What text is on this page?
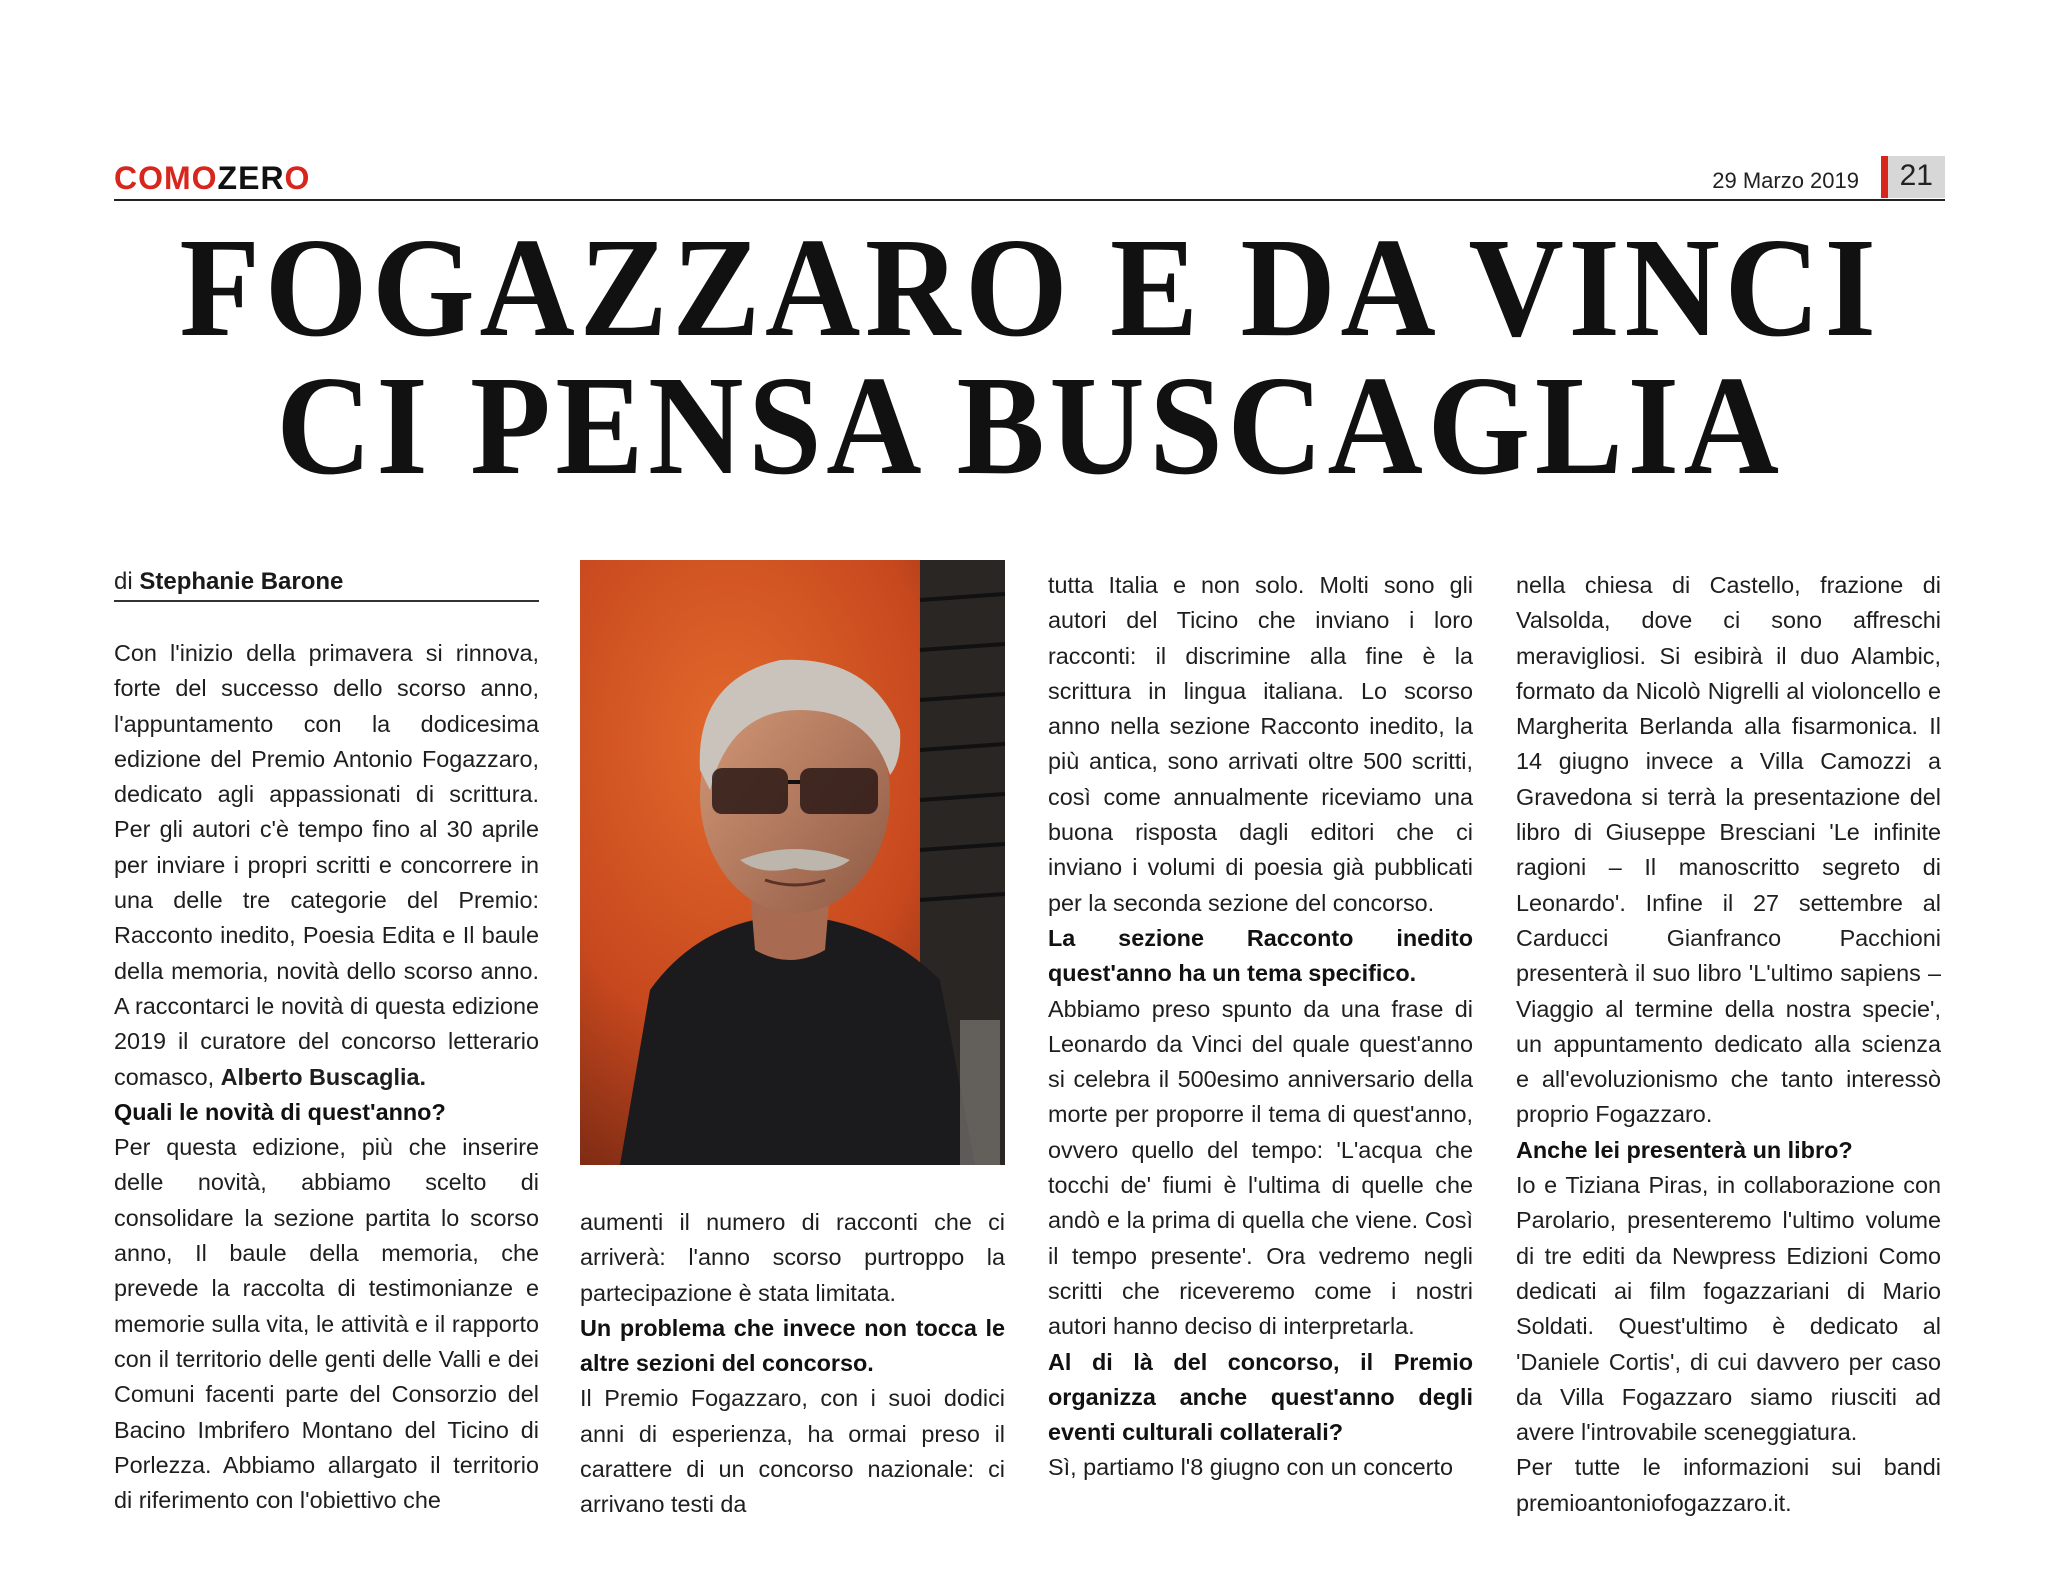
COMOZERO	29 Marzo 2019 21
FOGAZZARO E DA VINCI
CI PENSA BUSCAGLIA
di Stephanie Barone

Con l'inizio della primavera si rinnova, forte del successo dello scorso anno, l'appuntamento con la dodicesima edizione del Premio Antonio Fogazzaro, dedicato agli appassionati di scrittura. Per gli autori c'è tempo fino al 30 aprile per inviare i propri scritti e concorrere in una delle tre categorie del Premio: Racconto inedito, Poesia Edita e Il baule della memoria, novità dello scorso anno. A raccontarci le novità di questa edizione 2019 il curatore del concorso letterario comasco, Alberto Buscaglia.

Quali le novità di quest'anno?

Per questa edizione, più che inserire delle novità, abbiamo scelto di consolidare la sezione partita lo scorso anno, Il baule della memoria, che prevede la raccolta di testimonianze e memorie sulla vita, le attività e il rapporto con il territorio delle genti delle Valli e dei Comuni facenti parte del Consorzio del Bacino Imbrifero Montano del Ticino di Porlezza. Abbiamo allargato il territorio di riferimento con l'obiettivo che

aumenti il numero di racconti che ci arriverà: l'anno scorso purtroppo la partecipazione è stata limitata.

Un problema che invece non tocca le altre sezioni del concorso.

Il Premio Fogazzaro, con i suoi dodici anni di esperienza, ha ormai preso il carattere di un concorso nazionale: ci arrivano testi da

tutta Italia e non solo. Molti sono gli autori del Ticino che inviano i loro racconti: il discrimine alla fine è la scrittura in lingua italiana. Lo scorso anno nella sezione Racconto inedito, la più antica, sono arrivati oltre 500 scritti, così come annualmente riceviamo una buona risposta dagli editori che ci inviano i volumi di poesia già pubblicati per la seconda sezione del concorso.

La sezione Racconto inedito quest'anno ha un tema specifico.

Abbiamo preso spunto da una frase di Leonardo da Vinci del quale quest'anno si celebra il 500esimo anniversario della morte per proporre il tema di quest'anno, ovvero quello del tempo: 'L'acqua che tocchi de' fiumi è l'ultima di quelle che andò e la prima di quella che viene. Così il tempo presente'. Ora vedremo negli scritti che riceveremo come i nostri autori hanno deciso di interpretarla.

Al di là del concorso, il Premio organizza anche quest'anno degli eventi culturali collaterali?

Sì, partiamo l'8 giugno con un concerto

nella chiesa di Castello, frazione di Valsolda, dove ci sono affreschi meravigliosi. Si esibirà il duo Alambic, formato da Nicolò Nigrelli al violoncello e Margherita Berlanda alla fisarmonica. Il 14 giugno invece a Villa Camozzi a Gravedona si terrà la presentazione del libro di Giuseppe Bresciani 'Le infinite ragioni – Il manoscritto segreto di Leonardo'. Infine il 27 settembre al Carducci Gianfranco Pacchioni presenterà il suo libro 'L'ultimo sapiens – Viaggio al termine della nostra specie', un appuntamento dedicato alla scienza e all'evoluzionismo che tanto interessò proprio Fogazzaro.

Anche lei presenterà un libro?

Io e Tiziana Piras, in collaborazione con Parolario, presenteremo l'ultimo volume di tre editi da Newpress Edizioni Como dedicati ai film fogazzariani di Mario Soldati. Quest'ultimo è dedicato al 'Daniele Cortis', di cui davvero per caso da Villa Fogazzaro siamo riusciti ad avere l'introvabile sceneggiatura.

Per tutte le informazioni sui bandi premioantoniofogazzaro.it.
